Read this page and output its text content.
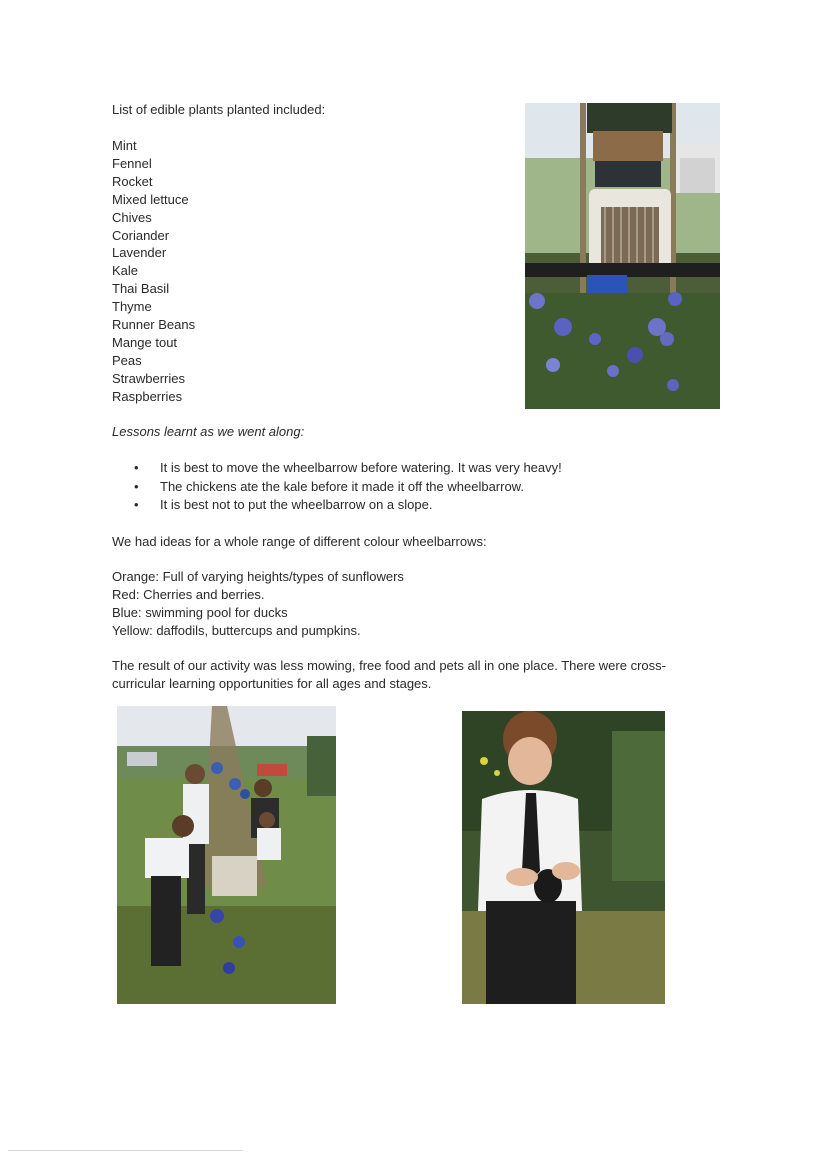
List of edible plants planted included:

Mint
Fennel
Rocket
Mixed lettuce
Chives
Coriander
Lavender
Kale
Thai Basil
Thyme
Runner Beans
Mange tout
Peas
Strawberries
Raspberries

Lessons learnt as we went along:

• It is best to move the wheelbarrow before watering. It was very heavy!
• The chickens ate the kale before it made it off the wheelbarrow.
• It is best not to put the wheelbarrow on a slope.

We had ideas for a whole range of different colour wheelbarrows:

Orange: Full of varying heights/types of sunflowers
Red: Cherries and berries.
Blue: swimming pool for ducks
Yellow: daffodils, buttercups and pumpkins.

The result of our activity was less mowing, free food and pets all in one place. There were cross-curricular learning opportunities for all ages and stages.
